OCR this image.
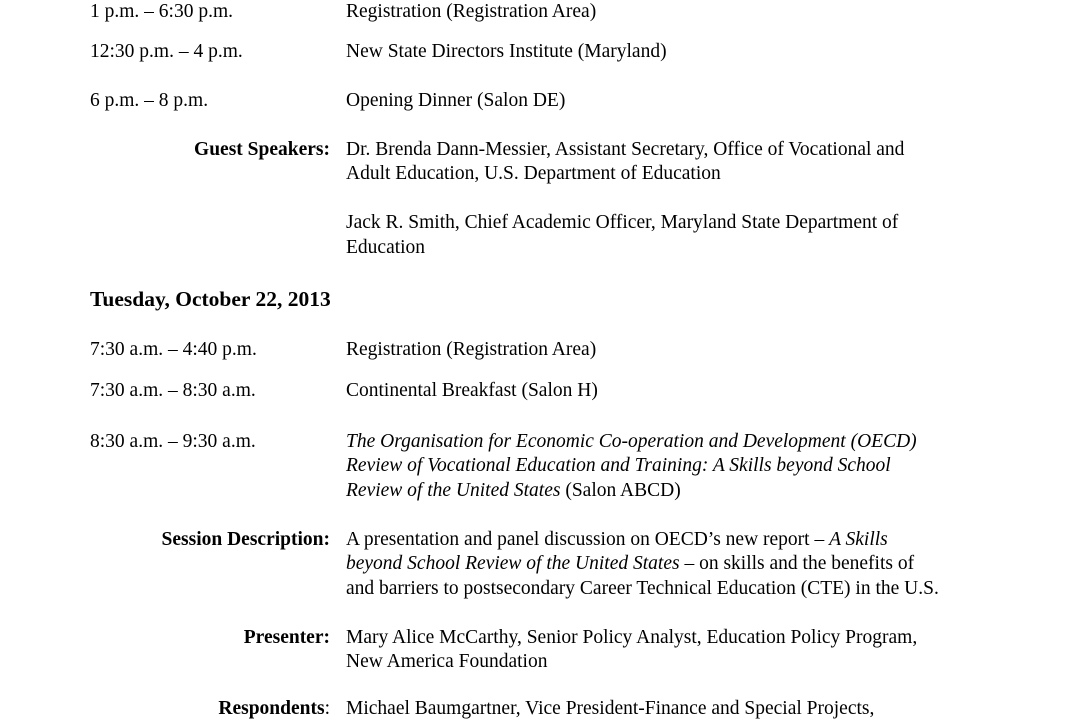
1 p.m. – 6:30 p.m.	Registration (Registration Area)
12:30 p.m. – 4 p.m.	New State Directors Institute (Maryland)
6 p.m. – 8 p.m.	Opening Dinner (Salon DE)
Guest Speakers: Dr. Brenda Dann-Messier, Assistant Secretary, Office of Vocational and
Adult Education, U.S. Department of Education
Jack R. Smith, Chief Academic Officer, Maryland State Department of
Education
Tuesday, October 22, 2013
7:30 a.m. – 4:40 p.m.	Registration (Registration Area)
7:30 a.m. – 8:30 a.m.	Continental Breakfast (Salon H)
8:30 a.m. – 9:30 a.m.	The Organisation for Economic Co-operation and Development (OECD)
Review of Vocational Education and Training: A Skills beyond School
Review of the United States (Salon ABCD)
Session Description: A presentation and panel discussion on OECD’s new report – A Skills
beyond School Review of the United States – on skills and the benefits of
and barriers to postsecondary Career Technical Education (CTE) in the U.S.
Presenter: Mary Alice McCarthy, Senior Policy Analyst, Education Policy Program,
New America Foundation
Respondents: Michael Baumgartner, Vice President-Finance and Special Projects,
